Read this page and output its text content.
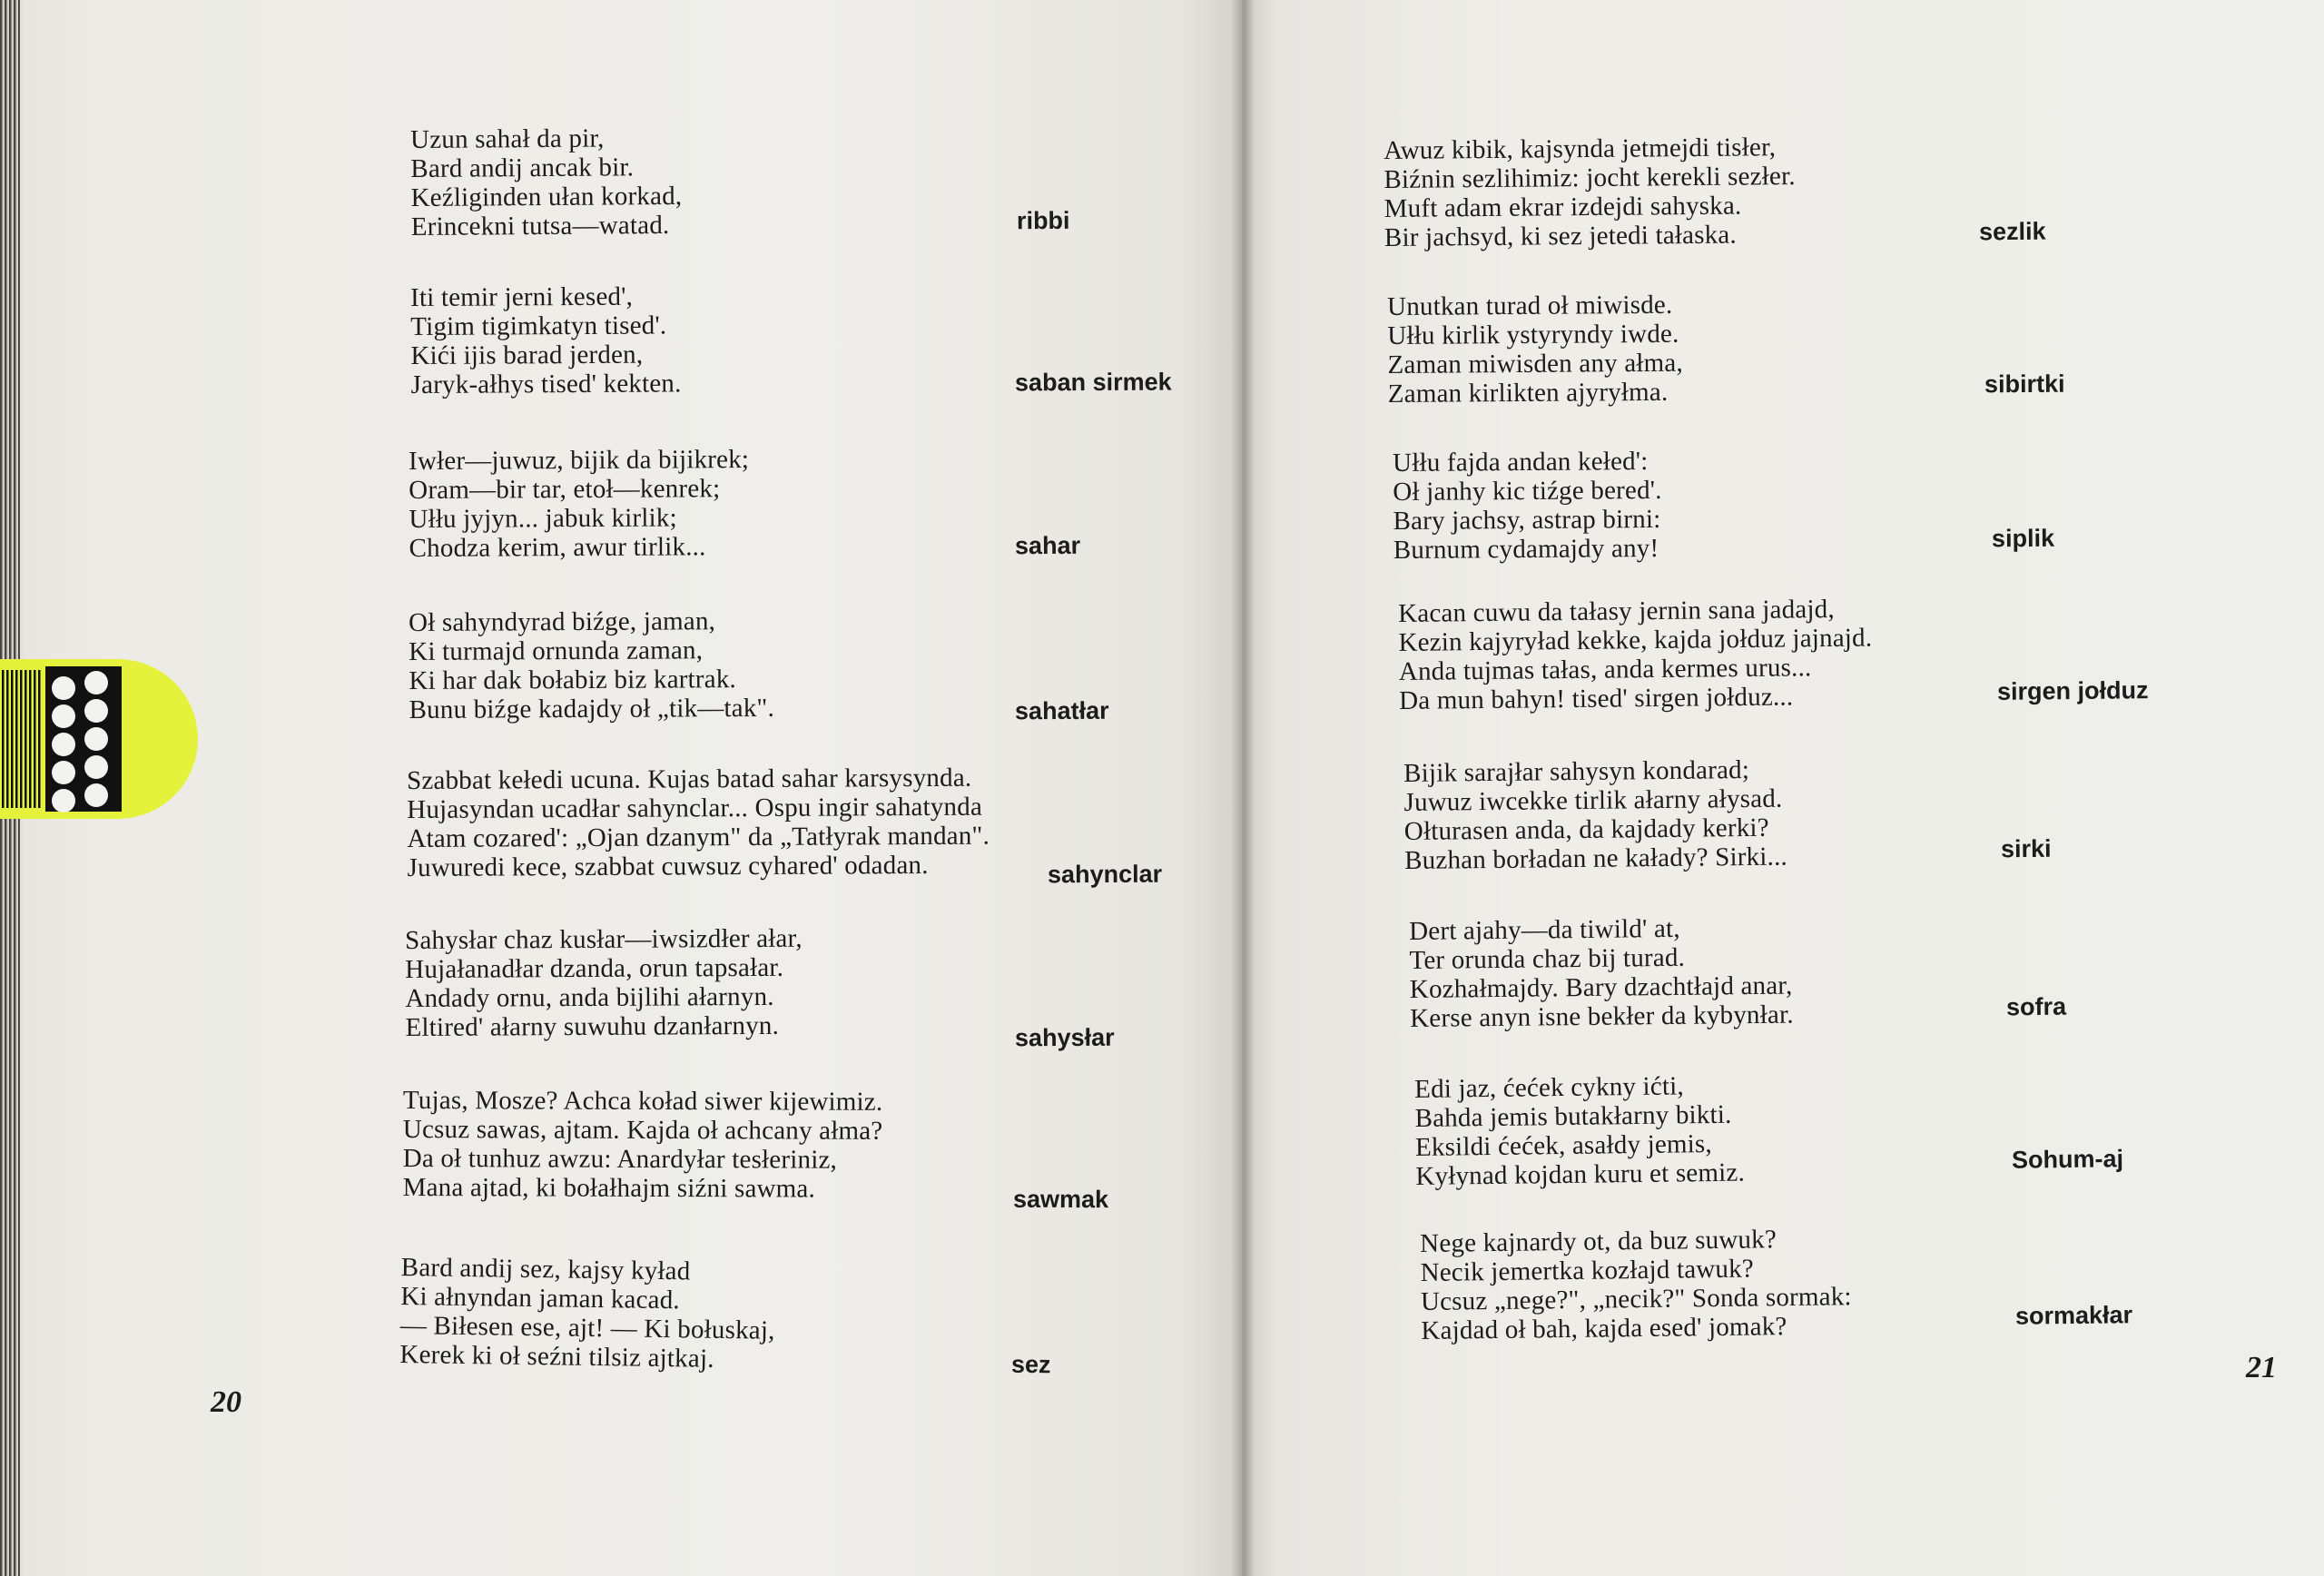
Uzun sahał da pir,
Bard andij ancak bir.
Keźliginden ułan korkad,
Erincekni tutsa—watad.	ribbi
Iti temir jerni kesed',
Tigim tigimkatyn tised'.
Kići ijis barad jerden,
Jaryk-ałhys tised' kekten.	saban sirmek
Iwłer—juwuz, bijik da bijikrek;
Oram—bir tar, etoł—kenrek;
Ułłu jyjyn... jabuk kirlik;
Chodza kerim, awur tirlik...	sahar
Oł sahyndyrad biźge, jaman,
Ki turmajd ornunda zaman,
Ki har dak bołabiz biz kartrak.
Bunu biźge kadajdy oł „tik—tak".	sahatłar
Szabbat kełedi ucuna. Kujas batad sahar karsysynda.
Hujasyndan ucadłar sahynclar... Ospu ingir sahatynda
Atam cozared': „Ojan dzanym" da „Tatłyrak mandan".
Juwuredi kece, szabbat cuwsuz cyhared' odadan.	sahynclar
Sahysłar chaz kusłar—iwsizdłer ałar,
Hujałanadłar dzanda, orun tapsałar.
Andady ornu, anda bijlihi ałarnyn.
Eltired' ałarny suwuhu dzanłarnyn.	sahysłar
Tujas, Mosze? Achca koład siwer kijewimiz.
Ucsuz sawas, ajtam. Kajda oł achcany ałma?
Da oł tunhuz awzu: Anardyłar tesłeriniz,
Mana ajtad, ki bołałhajm siźni sawma.	sawmak
Bard andij sez, kajsy kyład
Ki ałnyndan jaman kacad.
— Biłesen ese, ajt! — Ki bołuskaj,
Kerek ki oł seźni tilsiz ajtkaj.	sez
20
Awuz kibik, kajsynda jetmejdi tisłer,
Biźnin sezlihimiz: jocht kerekli sezłer.
Muft adam ekrar izdejdi sahyska.
Bir jachsyd, ki sez jetedi tałaska.	sezlik
Unutkan turad oł miwisde.
Ułłu kirlik ystyryndy iwde.
Zaman miwisden any ałma,
Zaman kirlikten ajyryłma.	sibirtki
Ułłu fajda andan kełed':
Oł janhy kic tiźge bered'.
Bary jachsy, astrap birni:
Burnum cydamajdy any!	siplik
Kacan cuwu da tałasy jernin sana jadajd,
Kezin kajyryład kekke, kajda jołduz jajnajd.
Anda tujmas tałas, anda kermes urus...
Da mun bahyn! tised' sirgen jołduz...	sirgen jołduz
Bijik sarajłar sahysyn kondarad;
Juwuz iwcekke tirlik ałarny ałysad.
Ołturasen anda, da kajdady kerki?
Buzhan borładan ne kaładу? Sirki...	sirki
Dert ajahy—da tiwild' at,
Ter orunda chaz bij turad.
Kozhałmajdy. Bary dzachtłajd anar,
Kerse anyn isne bekłer da kybynłar.	sofra
Edi jaz, ćećek cykny ićti,
Bahda jemis butakłarny bikti.
Eksildi ćećek, asałdy jemis,
Kyłynad kojdan kuru et semiz.	Sohum-aj
Nege kajnardy ot, da buz suwuk?
Necik jemertka kozłajd tawuk?
Ucsuz „nege?", „necik?" Sonda sormak:
Kajdad oł bah, kajda esed' jomak?	sormakłar
21
